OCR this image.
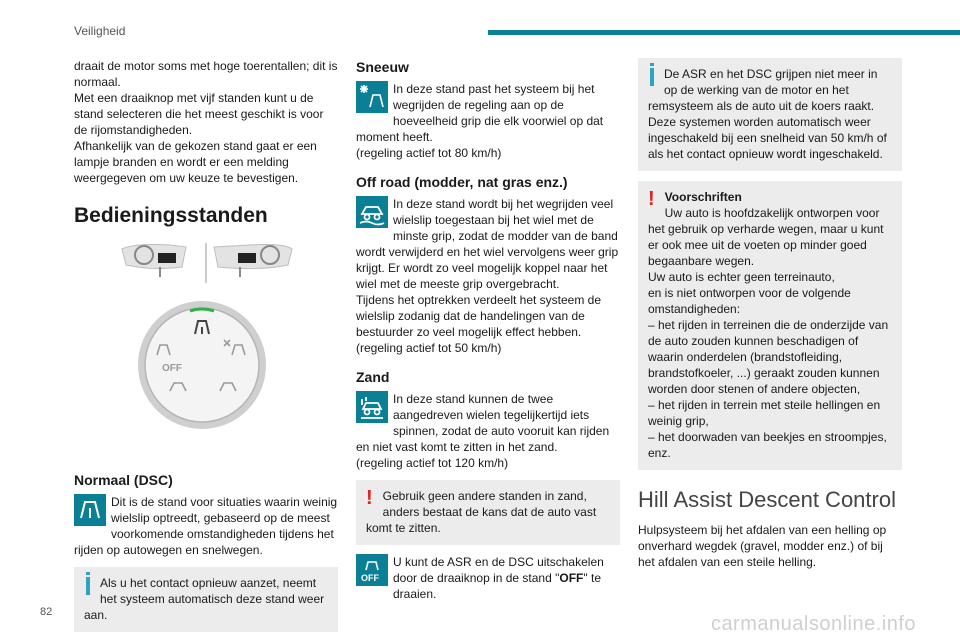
Veiligheid

draait de motor soms met hoge toerentallen; dit is normaal.

Met een draaiknop met vijf standen kunt u de stand selecteren die het meest geschikt is voor de rijomstandigheden.

Afhankelijk van de gekozen stand gaat er een lampje branden en wordt er een melding weergegeven om uw keuze te bevestigen.

Bedieningsstanden
OFF
Normaal (DSC)

Dit is de stand voor situaties waarin weinig wielslip optreedt, gebaseerd op de meest voorkomende omstandigheden tijdens het rijden op autowegen en snelwegen.

Als u het contact opnieuw aanzet, neemt het systeem automatisch deze stand weer aan.

Sneeuw

In deze stand past het systeem bij het wegrijden de regeling aan op de hoeveelheid grip die elk voorwiel op dat moment heeft.

(regeling actief tot 80 km/h)

Off road (modder, nat gras enz.)

In deze stand wordt bij het wegrijden veel wielslip toegestaan bij het wiel met de minste grip, zodat de modder van de band wordt verwijderd en het wiel vervolgens weer grip krijgt. Er wordt zo veel mogelijk koppel naar het wiel met de meeste grip overgebracht.

Tijdens het optrekken verdeelt het systeem de wielslip zodanig dat de handelingen van de bestuurder zo veel mogelijk effect hebben.

(regeling actief tot 50 km/h)

Zand

In deze stand kunnen de twee aangedreven wielen tegelijkertijd iets spinnen, zodat de auto vooruit kan rijden en niet vast komt te zitten in het zand.

(regeling actief tot 120 km/h)

! Gebruik geen andere standen in zand, anders bestaat de kans dat de auto vast komt te zitten.

OFF

U kunt de ASR en de DSC uitschakelen door de draaiknop in de stand "OFF" te draaien.

De ASR en het DSC grijpen niet meer in op de werking van de motor en het remsysteem als de auto uit de koers raakt.

Deze systemen worden automatisch weer ingeschakeld bij een snelheid van 50 km/h of als het contact opnieuw wordt ingeschakeld.

! Voorschriften

Uw auto is hoofdzakelijk ontworpen voor het gebruik op verharde wegen, maar u kunt er ook mee uit de voeten op minder goed begaanbare wegen.

Uw auto is echter geen terreinauto,

en is niet ontworpen voor de volgende omstandigheden:

– het rijden in terreinen die de onderzijde van de auto zouden kunnen beschadigen of waarin onderdelen (brandstofleiding, brandstofkoeler, ...) geraakt zouden kunnen worden door stenen of andere objecten,

– het rijden in terrein met steile hellingen en weinig grip,

– het doorwaden van beekjes en stroompjes, enz.

Hill Assist Descent Control

Hulpsysteem bij het afdalen van een helling op onverhard wegdek (gravel, modder enz.) of bij het afdalen van een steile helling.

82
carmanualsonline.info
